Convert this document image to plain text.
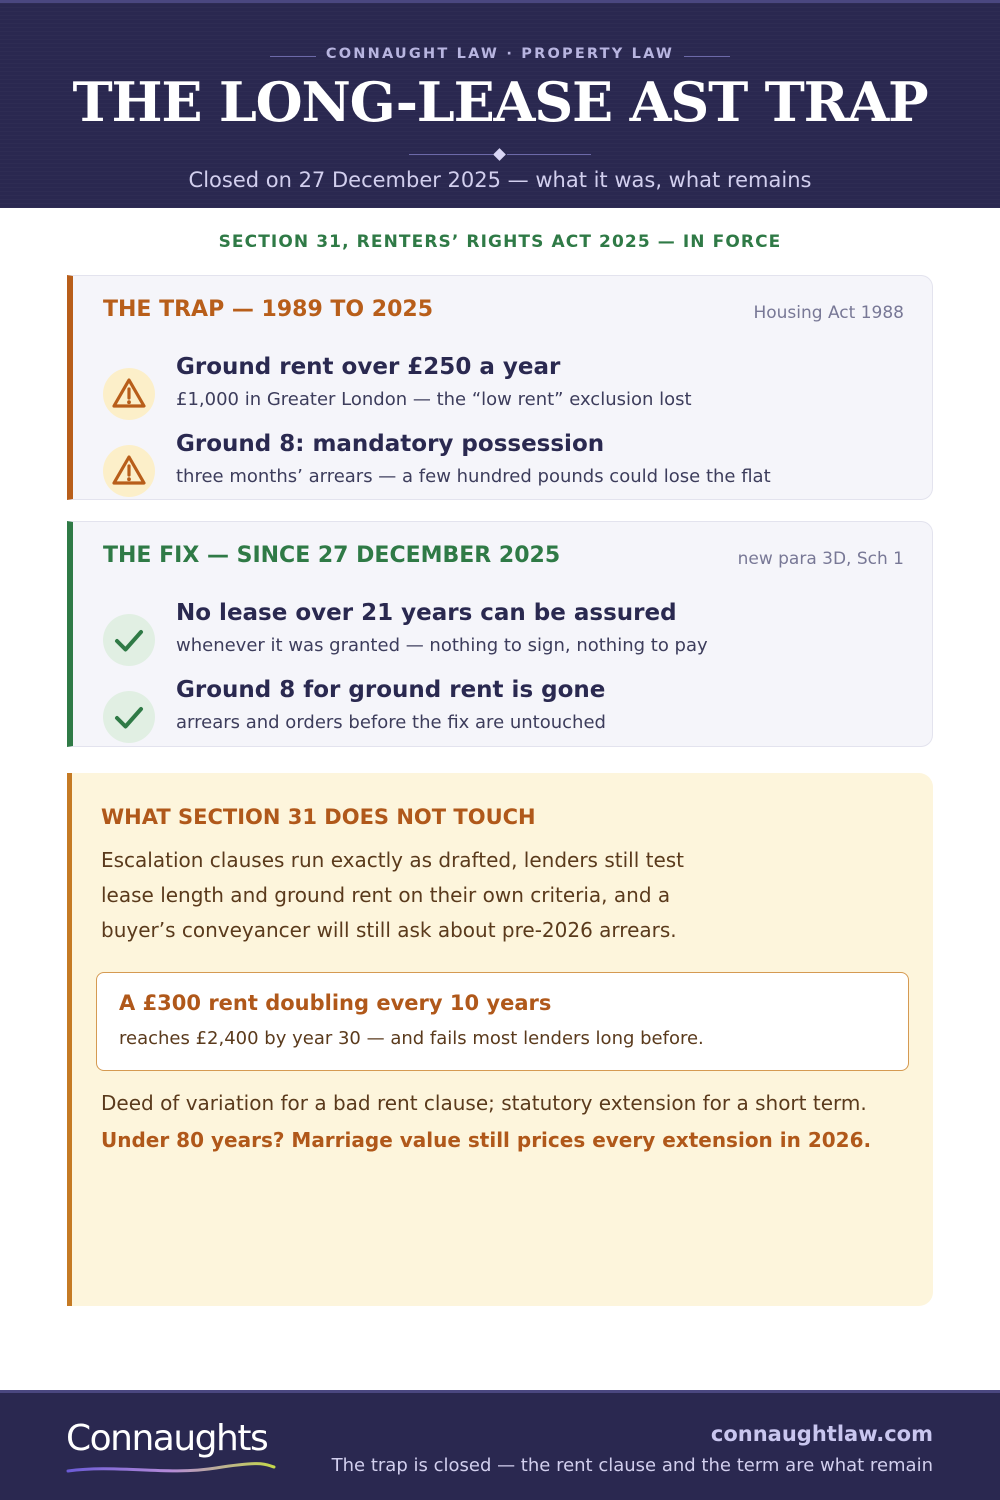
CONNAUGHT LAW · PROPERTY LAW
THE LONG-LEASE AST TRAP
Closed on 27 December 2025 — what it was, what remains
SECTION 31, RENTERS’ RIGHTS ACT 2025 — IN FORCE
THE TRAP — 1989 TO 2025	Housing Act 1988
Ground rent over £250 a year
£1,000 in Greater London — the “low rent” exclusion lost
Ground 8: mandatory possession
three months’ arrears — a few hundred pounds could lose the flat
THE FIX — SINCE 27 DECEMBER 2025	new para 3D, Sch 1
No lease over 21 years can be assured
whenever it was granted — nothing to sign, nothing to pay
Ground 8 for ground rent is gone
arrears and orders before the fix are untouched
WHAT SECTION 31 DOES NOT TOUCH
Escalation clauses run exactly as drafted, lenders still test
lease length and ground rent on their own criteria, and a
buyer’s conveyancer will still ask about pre-2026 arrears.
A £300 rent doubling every 10 years
reaches £2,400 by year 30 — and fails most lenders long before.
Deed of variation for a bad rent clause; statutory extension for a short term.
Under 80 years? Marriage value still prices every extension in 2026.
Connaughts	connaughtlaw.com
The trap is closed — the rent clause and the term are what remain
